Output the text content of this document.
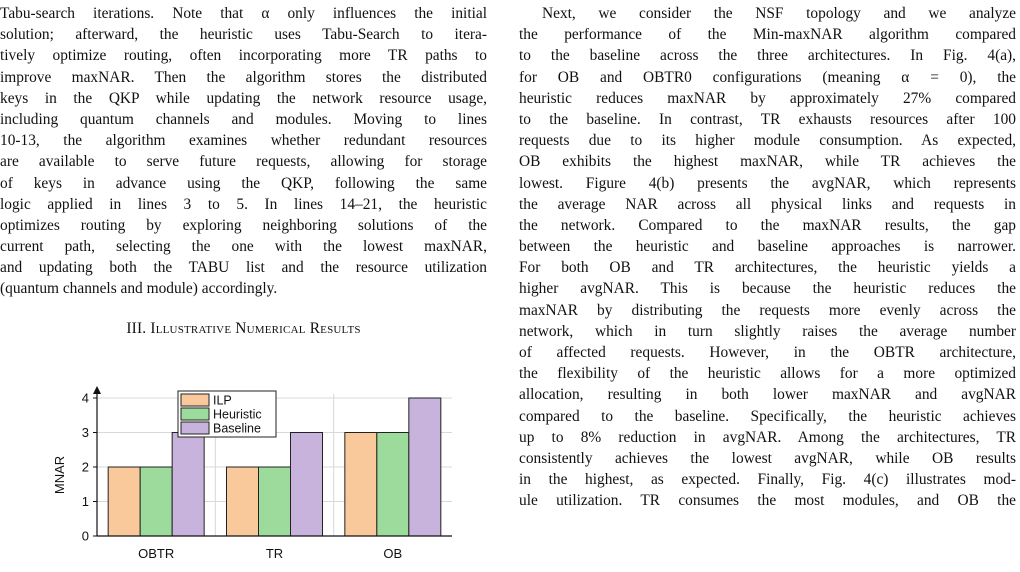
Tabu-search iterations. Note that α only influences the initial
solution; afterward, the heuristic uses Tabu-Search to itera-
tively optimize routing, often incorporating more TR paths to
improve maxNAR. Then the algorithm stores the distributed
keys in the QKP while updating the network resource usage,
including quantum channels and modules. Moving to lines
10-13, the algorithm examines whether redundant resources
are available to serve future requests, allowing for storage
of keys in advance using the QKP, following the same
logic applied in lines 3 to 5. In lines 14–21, the heuristic
optimizes routing by exploring neighboring solutions of the
current path, selecting the one with the lowest maxNAR,
and updating both the TABU list and the resource utilization
(quantum channels and module) accordingly.
III. Illustrative Numerical Results
Next, we consider the NSF topology and we analyze
the performance of the Min-maxNAR algorithm compared
to the baseline across the three architectures. In Fig. 4(a),
for OB and OBTR0 configurations (meaning α = 0), the
heuristic reduces maxNAR by approximately 27% compared
to the baseline. In contrast, TR exhausts resources after 100
requests due to its higher module consumption. As expected,
OB exhibits the highest maxNAR, while TR achieves the
lowest. Figure 4(b) presents the avgNAR, which represents
the average NAR across all physical links and requests in
the network. Compared to the maxNAR results, the gap
between the heuristic and baseline approaches is narrower.
For both OB and TR architectures, the heuristic yields a
higher avgNAR. This is because the heuristic reduces the
maxNAR by distributing the requests more evenly across the
network, which in turn slightly raises the average number
of affected requests. However, in the OBTR architecture,
the flexibility of the heuristic allows for a more optimized
allocation, resulting in both lower maxNAR and avgNAR
compared to the baseline. Specifically, the heuristic achieves
up to 8% reduction in avgNAR. Among the architectures, TR
consistently achieves the lowest avgNAR, while OB results
in the highest, as expected. Finally, Fig. 4(c) illustrates mod-
ule utilization. TR consumes the most modules, and OB the
OBTR	TR	OB
0
1
2
3
4
MNAR
ILP
Heuristic
Baseline
